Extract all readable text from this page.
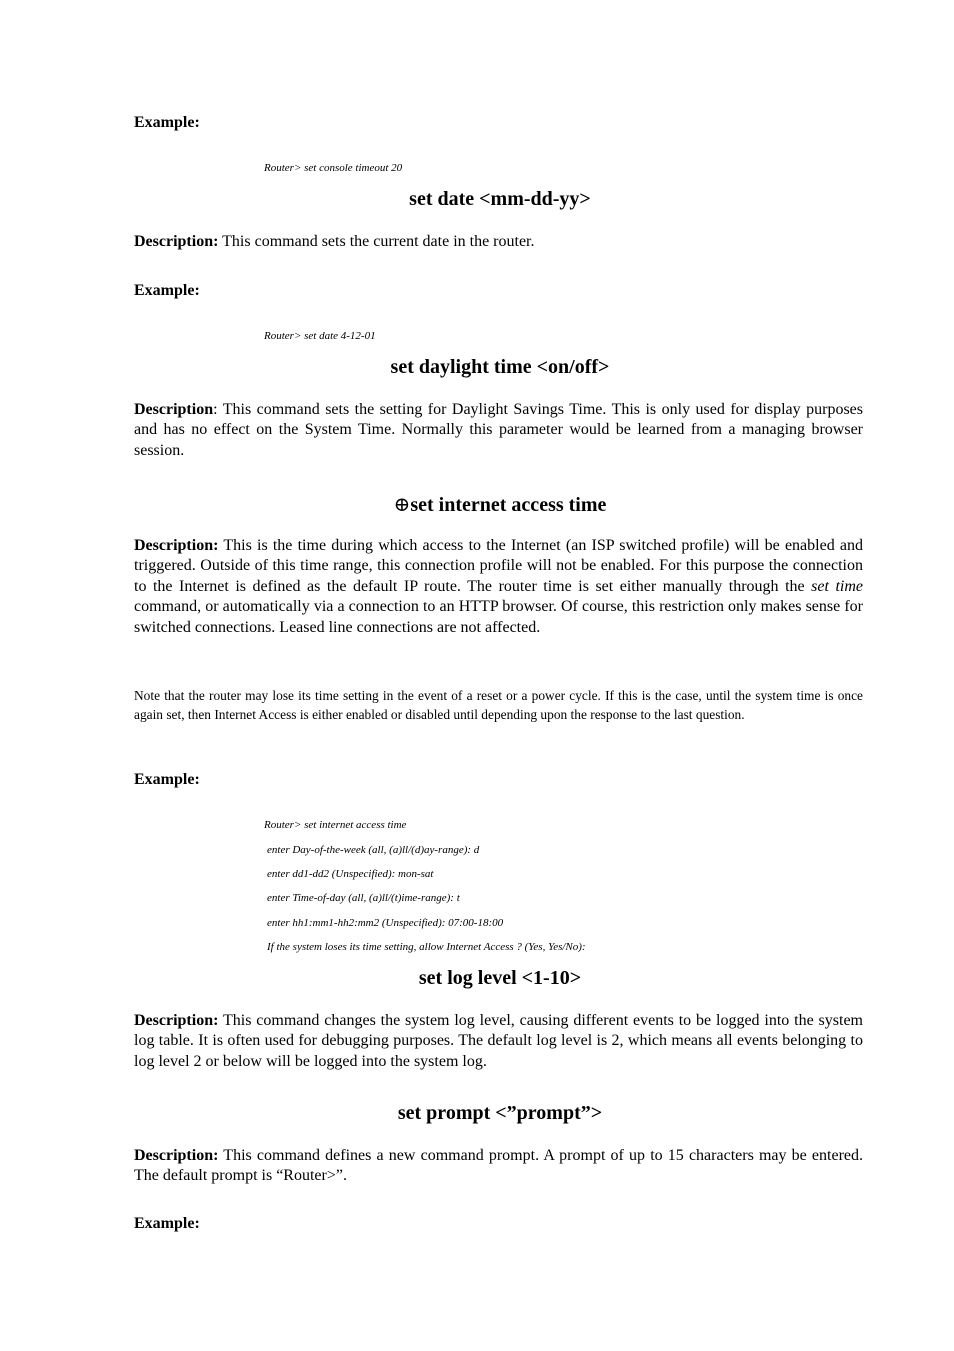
Example:
Router> set console timeout 20
set date <mm-dd-yy>
Description: This command sets the current date in the router.
Example:
Router> set date 4-12-01
set daylight time <on/off>
Description: This command sets the setting for Daylight Savings Time. This is only used for display purposes and has no effect on the System Time. Normally this parameter would be learned from a managing browser session.
⊕set internet access time
Description: This is the time during which access to the Internet (an ISP switched profile) will be enabled and triggered. Outside of this time range, this connection profile will not be enabled. For this purpose the connection to the Internet is defined as the default IP route. The router time is set either manually through the set time command, or automatically via a connection to an HTTP browser. Of course, this restriction only makes sense for switched connections. Leased line connections are not affected.
Note that the router may lose its time setting in the event of a reset or a power cycle. If this is the case, until the system time is once again set, then Internet Access is either enabled or disabled until depending upon the response to the last question.
Example:
Router> set internet access time
enter Day-of-the-week (all, (a)ll/(d)ay-range): d
enter dd1-dd2 (Unspecified): mon-sat
enter Time-of-day (all, (a)ll/(t)ime-range): t
enter hh1:mm1-hh2:mm2 (Unspecified): 07:00-18:00
If the system loses its time setting, allow Internet Access ? (Yes, Yes/No):
set log level <1-10>
Description: This command changes the system log level, causing different events to be logged into the system log table. It is often used for debugging purposes. The default log level is 2, which means all events belonging to log level 2 or below will be logged into the system log.
set prompt <”prompt”>
Description: This command defines a new command prompt. A prompt of up to 15 characters may be entered. The default prompt is “Router>”.
Example:
